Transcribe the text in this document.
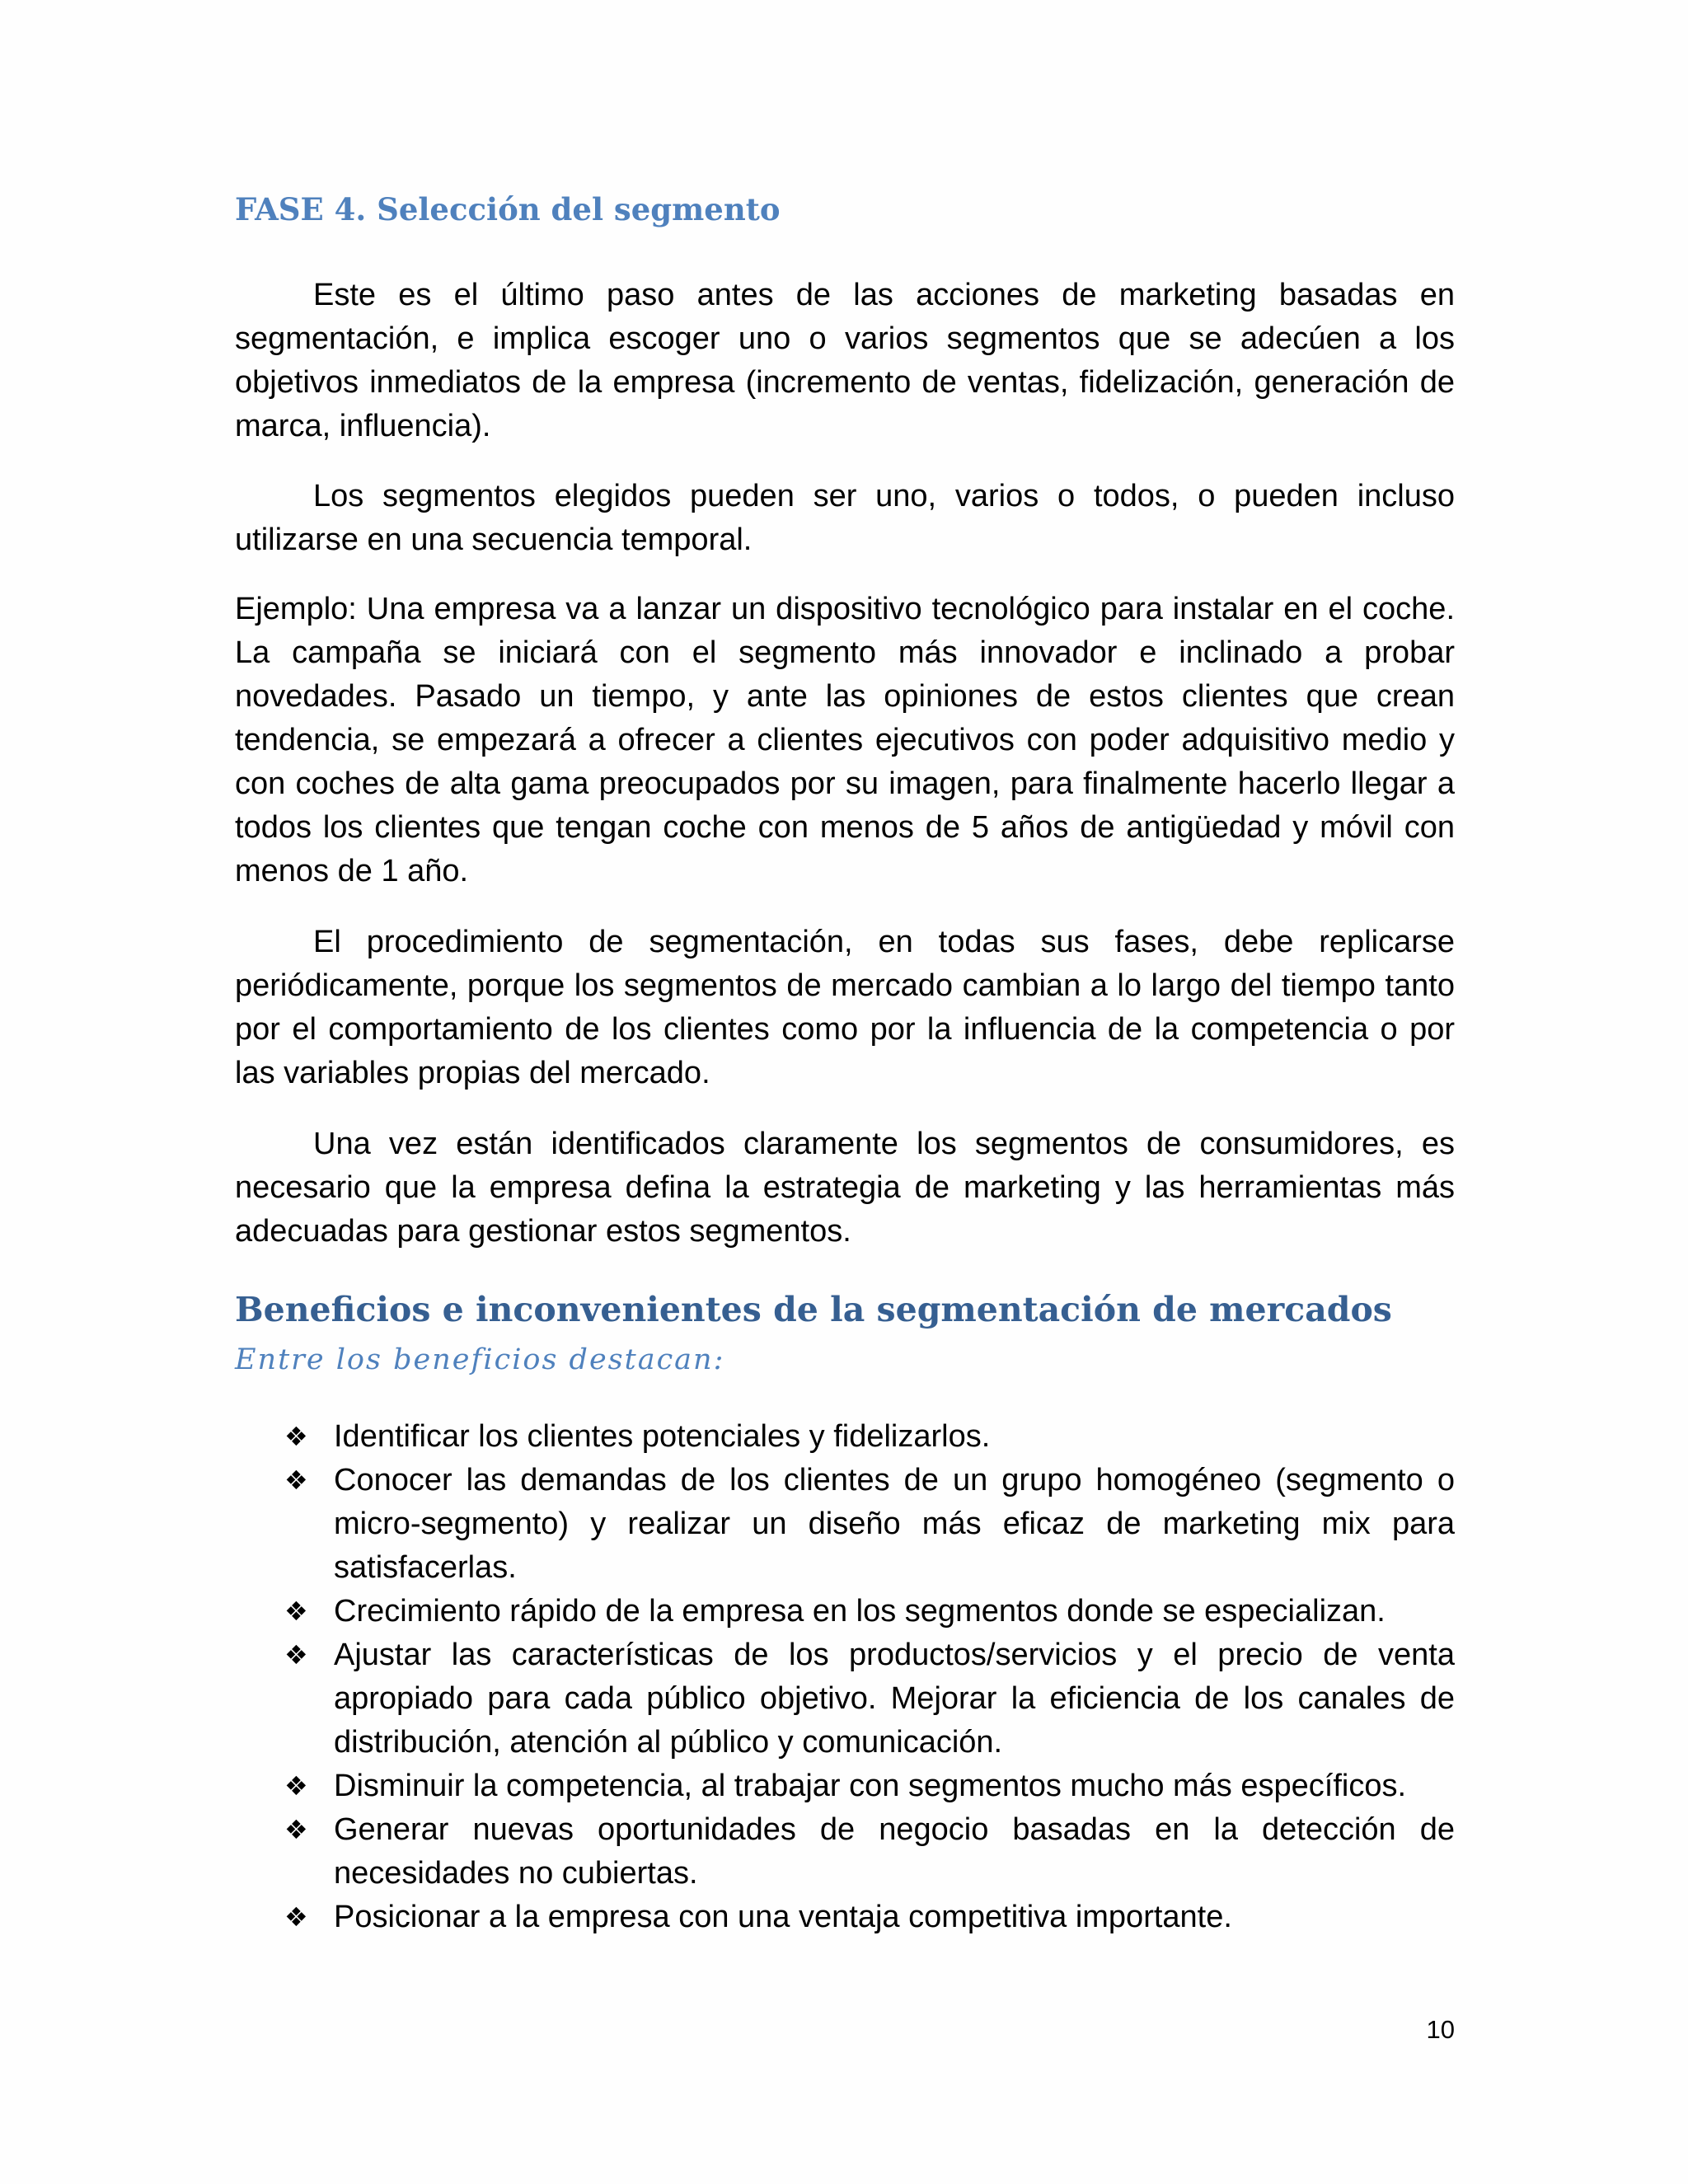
FASE 4. Selección del segmento

Este es el último paso antes de las acciones de marketing basadas en segmentación, e implica escoger uno o varios segmentos que se adecúen a los objetivos inmediatos de la empresa (incremento de ventas, fidelización, generación de marca, influencia).

Los segmentos elegidos pueden ser uno, varios o todos, o pueden incluso utilizarse en una secuencia temporal.

Ejemplo: Una empresa va a lanzar un dispositivo tecnológico para instalar en el coche. La campaña se iniciará con el segmento más innovador e inclinado a probar novedades. Pasado un tiempo, y ante las opiniones de estos clientes que crean tendencia, se empezará a ofrecer a clientes ejecutivos con poder adquisitivo medio y con coches de alta gama preocupados por su imagen, para finalmente hacerlo llegar a todos los clientes que tengan coche con menos de 5 años de antigüedad y móvil con menos de 1 año.

El procedimiento de segmentación, en todas sus fases, debe replicarse periódicamente, porque los segmentos de mercado cambian a lo largo del tiempo tanto por el comportamiento de los clientes como por la influencia de la competencia o por las variables propias del mercado.

Una vez están identificados claramente los segmentos de consumidores, es necesario que la empresa defina la estrategia de marketing y las herramientas más adecuadas para gestionar estos segmentos.

Beneficios e inconvenientes de la segmentación de mercados

Entre los beneficios destacan:

❖ Identificar los clientes potenciales y fidelizarlos.
❖ Conocer las demandas de los clientes de un grupo homogéneo (segmento o micro-segmento) y realizar un diseño más eficaz de marketing mix para satisfacerlas.
❖ Crecimiento rápido de la empresa en los segmentos donde se especializan.
❖ Ajustar las características de los productos/servicios y el precio de venta apropiado para cada público objetivo. Mejorar la eficiencia de los canales de distribución, atención al público y comunicación.
❖ Disminuir la competencia, al trabajar con segmentos mucho más específicos.
❖ Generar nuevas oportunidades de negocio basadas en la detección de necesidades no cubiertas.
❖ Posicionar a la empresa con una ventaja competitiva importante.
10
